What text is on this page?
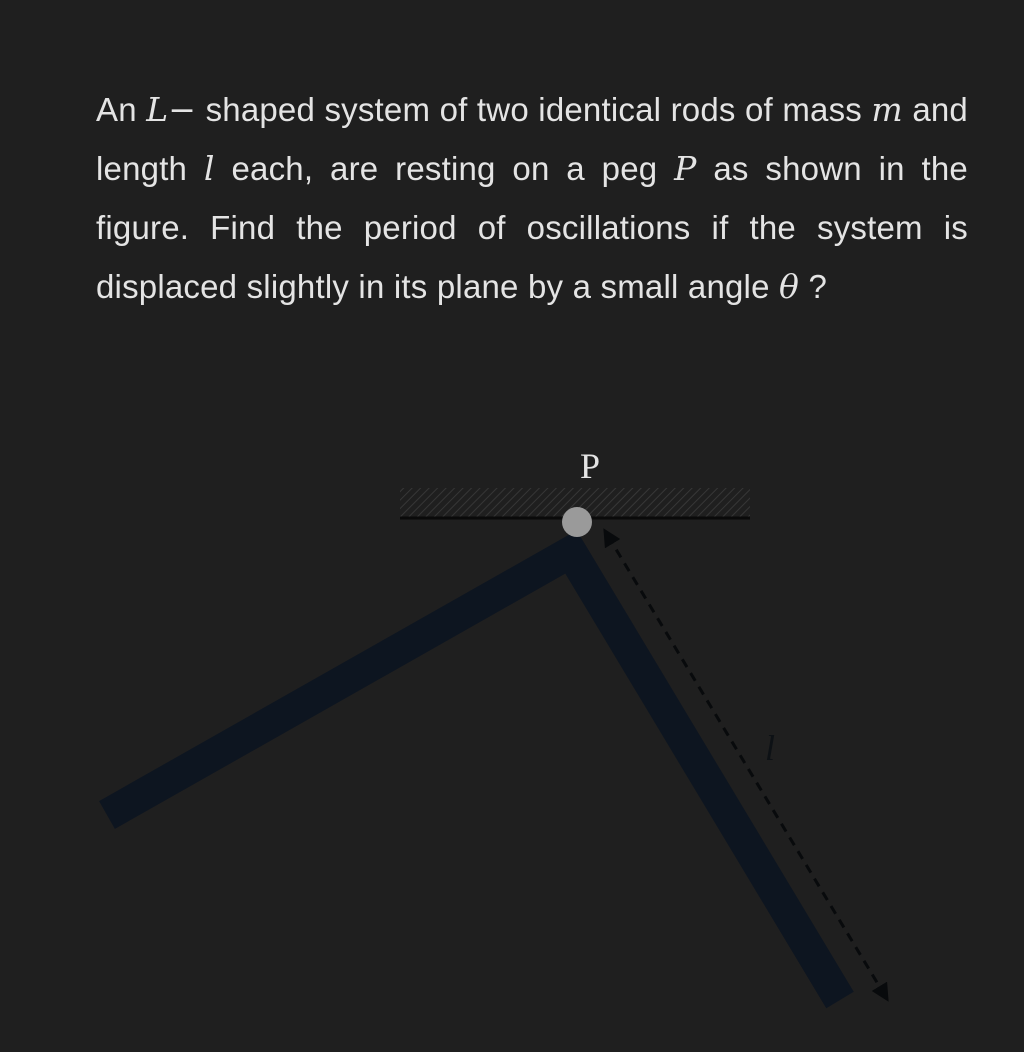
An L− shaped system of two identical rods of mass m and length l each, are resting on a peg P as shown in the figure. Find the period of oscillations if the system is displaced slightly in its plane by a small angle θ ?

P
l
